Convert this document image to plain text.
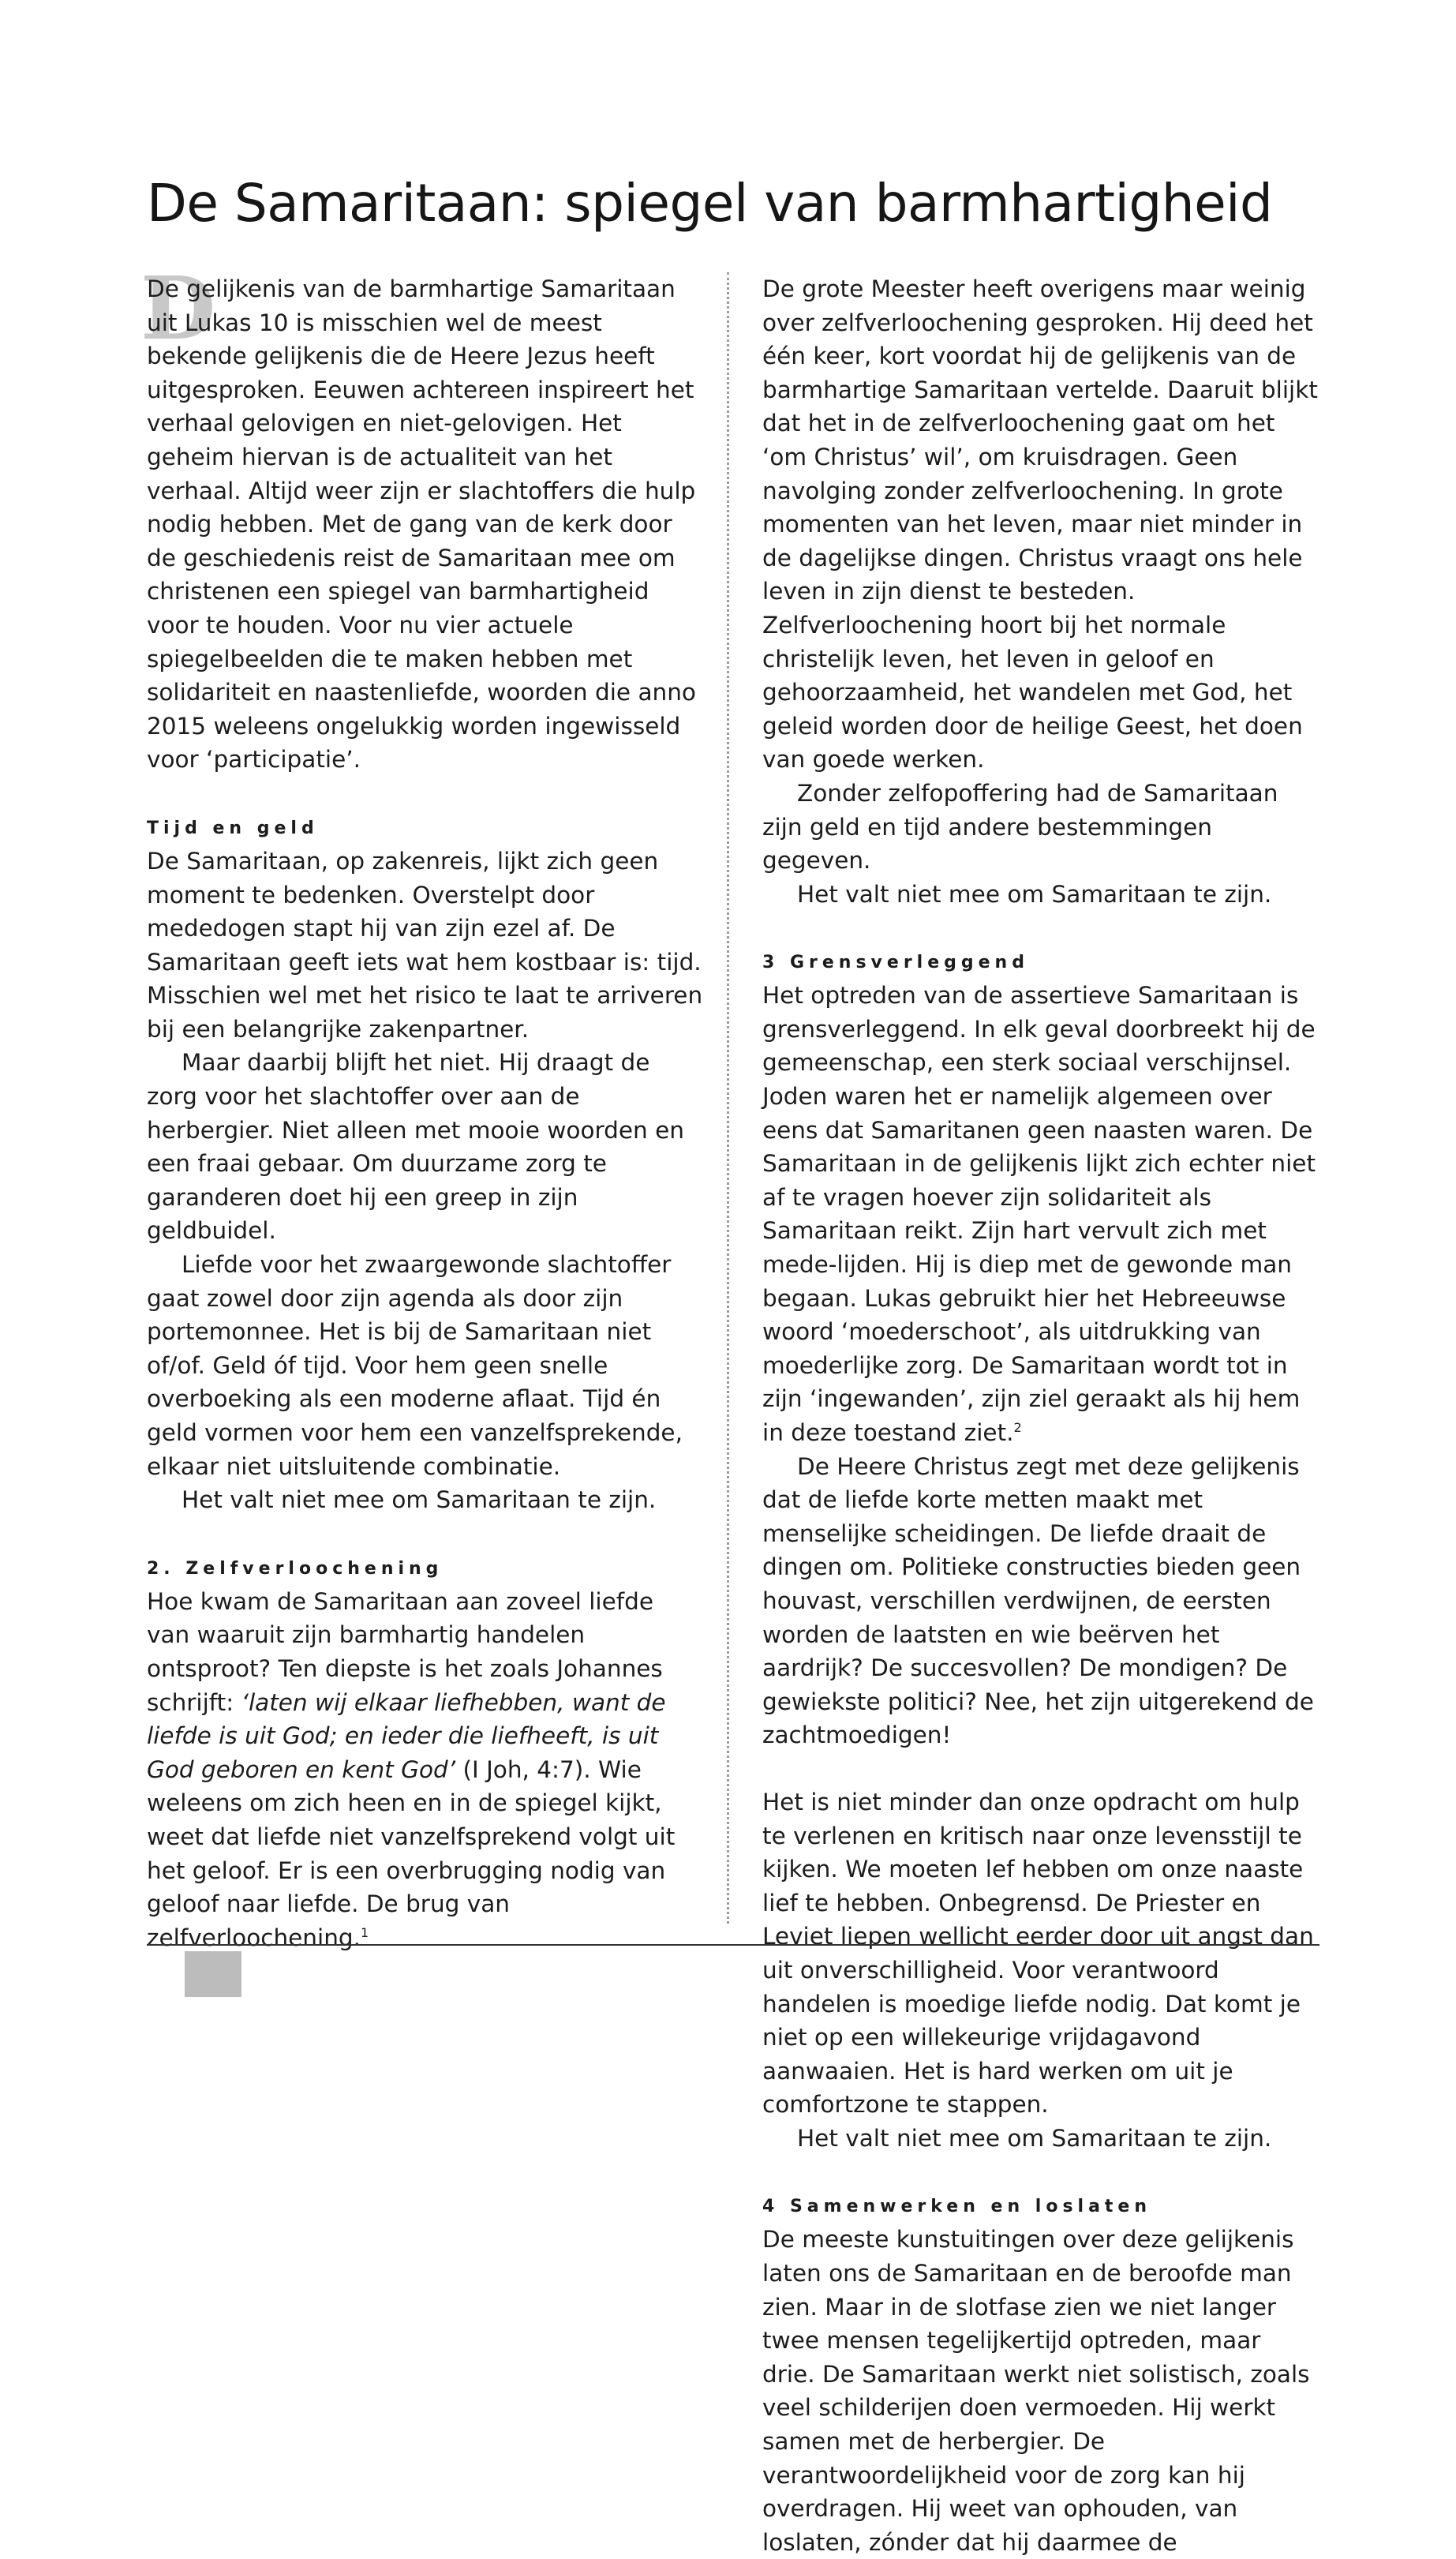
De Samaritaan: spiegel van barmhartigheid
D

De gelijkenis van de barmhartige Samaritaan uit Lukas 10 is misschien wel de meest bekende gelijkenis die de Heere Jezus heeft uitgesproken. Eeuwen achtereen inspireert het verhaal gelovigen en niet-gelovigen. Het geheim hiervan is de actualiteit van het verhaal. Altijd weer zijn er slachtoffers die hulp nodig hebben. Met de gang van de kerk door de geschiedenis reist de Samaritaan mee om christenen een spiegel van barmhartigheid voor te houden. Voor nu vier actuele spiegelbeelden die te maken hebben met solidariteit en naastenliefde, woorden die anno 2015 weleens ongelukkig worden ingewisseld voor ‘participatie’.

Tijd en geld

De Samaritaan, op zakenreis, lijkt zich geen moment te bedenken. Overstelpt door mededogen stapt hij van zijn ezel af. De Samaritaan geeft iets wat hem kostbaar is: tijd. Misschien wel met het risico te laat te arriveren bij een belangrijke zakenpartner.

Maar daarbij blijft het niet. Hij draagt de zorg voor het slachtoffer over aan de herbergier. Niet alleen met mooie woorden en een fraai gebaar. Om duurzame zorg te garanderen doet hij een greep in zijn geldbuidel.

Liefde voor het zwaargewonde slachtoffer gaat zowel door zijn agenda als door zijn portemonnee. Het is bij de Samaritaan niet of/of. Geld óf tijd. Voor hem geen snelle overboeking als een moderne aflaat. Tijd én geld vormen voor hem een vanzelfsprekende, elkaar niet uitsluitende combinatie.

Het valt niet mee om Samaritaan te zijn.

2. Zelfverloochening

Hoe kwam de Samaritaan aan zoveel liefde van waaruit zijn barmhartig handelen ontsproot? Ten diepste is het zoals Johannes schrijft: ‘laten wij elkaar liefhebben, want de liefde is uit God; en ieder die liefheeft, is uit God geboren en kent God’ (I Joh, 4:7). Wie weleens om zich heen en in de spiegel kijkt, weet dat liefde niet vanzelfsprekend volgt uit het geloof. Er is een overbrugging nodig van geloof naar liefde. De brug van zelfverloochening.$^1$

De grote Meester heeft overigens maar weinig over zelfverloochening gesproken. Hij deed het één keer, kort voordat hij de gelijkenis van de barmhartige Samaritaan vertelde. Daaruit blijkt dat het in de zelfverloochening gaat om het ‘om Christus’ wil’, om kruisdragen. Geen navolging zonder zelfverloochening. In grote momenten van het leven, maar niet minder in de dagelijkse dingen. Christus vraagt ons hele leven in zijn dienst te besteden. Zelfverloochening hoort bij het normale christelijk leven, het leven in geloof en gehoorzaamheid, het wandelen met God, het geleid worden door de heilige Geest, het doen van goede werken.

Zonder zelfopoffering had de Samaritaan zijn geld en tijd andere bestemmingen gegeven.

Het valt niet mee om Samaritaan te zijn.

3 Grensverleggend

Het optreden van de assertieve Samaritaan is grensverleggend. In elk geval doorbreekt hij de gemeenschap, een sterk sociaal verschijnsel. Joden waren het er namelijk algemeen over eens dat Samaritanen geen naasten waren. De Samaritaan in de gelijkenis lijkt zich echter niet af te vragen hoever zijn solidariteit als Samaritaan reikt. Zijn hart vervult zich met mede-lijden. Hij is diep met de gewonde man begaan. Lukas gebruikt hier het Hebreeuwse woord ‘moederschoot’, als uitdrukking van moederlijke zorg. De Samaritaan wordt tot in zijn ‘ingewanden’, zijn ziel geraakt als hij hem in deze toestand ziet.$^2$

De Heere Christus zegt met deze gelijkenis dat de liefde korte metten maakt met menselijke scheidingen. De liefde draait de dingen om. Politieke constructies bieden geen houvast, verschillen verdwijnen, de eersten worden de laatsten en wie beërven het aardrijk? De succesvollen? De mondigen? De gewiekste politici? Nee, het zijn uitgerekend de zachtmoedigen!

Het is niet minder dan onze opdracht om hulp te verlenen en kritisch naar onze levensstijl te kijken. We moeten lef hebben om onze naaste lief te hebben. Onbegrensd. De Priester en Leviet liepen wellicht eerder door uit angst dan uit onverschilligheid. Voor verantwoord handelen is moedige liefde nodig. Dat komt je niet op een willekeurige vrijdagavond aanwaaien. Het is hard werken om uit je comfortzone te stappen.

Het valt niet mee om Samaritaan te zijn.

4 Samenwerken en loslaten

De meeste kunstuitingen over deze gelijkenis laten ons de Samaritaan en de beroofde man zien. Maar in de slotfase zien we niet langer twee mensen tegelijkertijd optreden, maar drie. De Samaritaan werkt niet solistisch, zoals veel schilderijen doen vermoeden. Hij werkt samen met de herbergier. De verantwoordelijkheid voor de zorg kan hij overdragen. Hij weet van ophouden, van loslaten, zónder dat hij daarmee de
